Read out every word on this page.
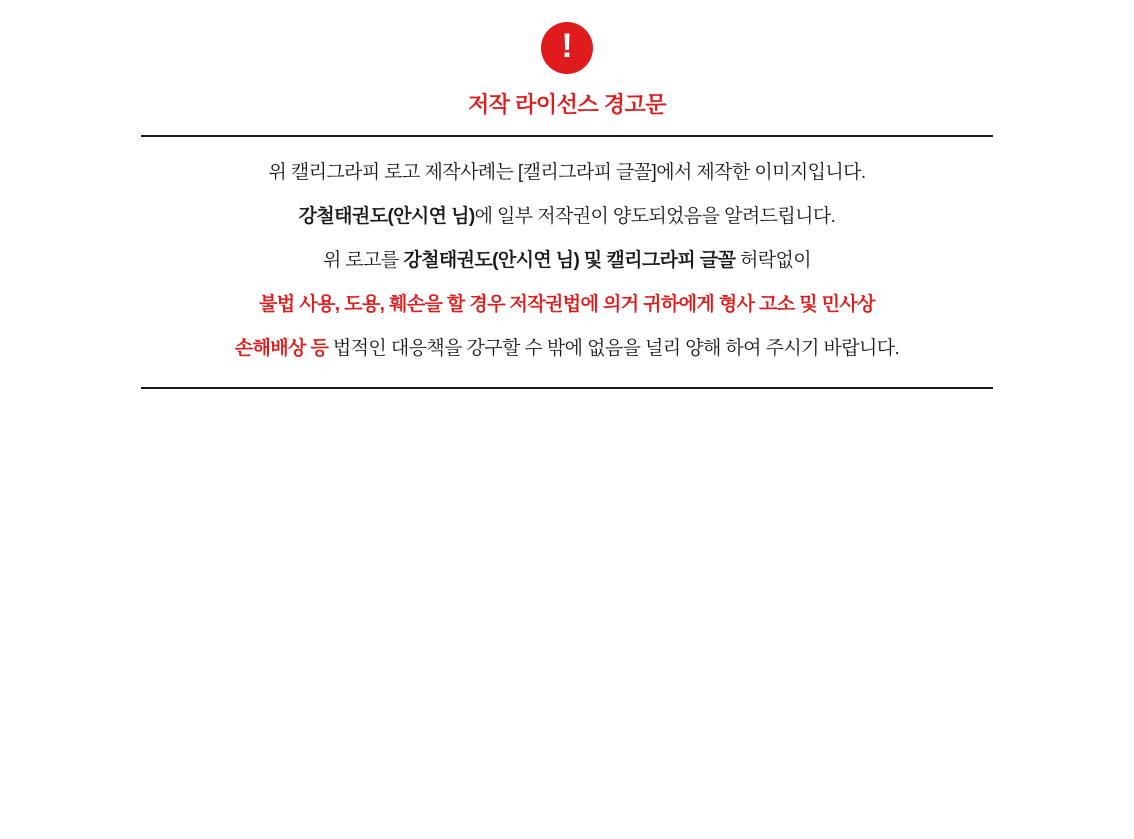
!
저작 라이선스 경고문
위 캘리그라피 로고 제작사례는 [캘리그라피 글꼴]에서 제작한 이미지입니다.
강철태권도(안시연 님)에 일부 저작권이 양도되었음을 알려드립니다.
위 로고를 강철태권도(안시연 님) 및 캘리그라피 글꼴 허락없이
불법 사용, 도용, 훼손을 할 경우 저작권법에 의거 귀하에게 형사 고소 및 민사상
손해배상 등 법적인 대응책을 강구할 수 밖에 없음을 널리 양해 하여 주시기 바랍니다.
